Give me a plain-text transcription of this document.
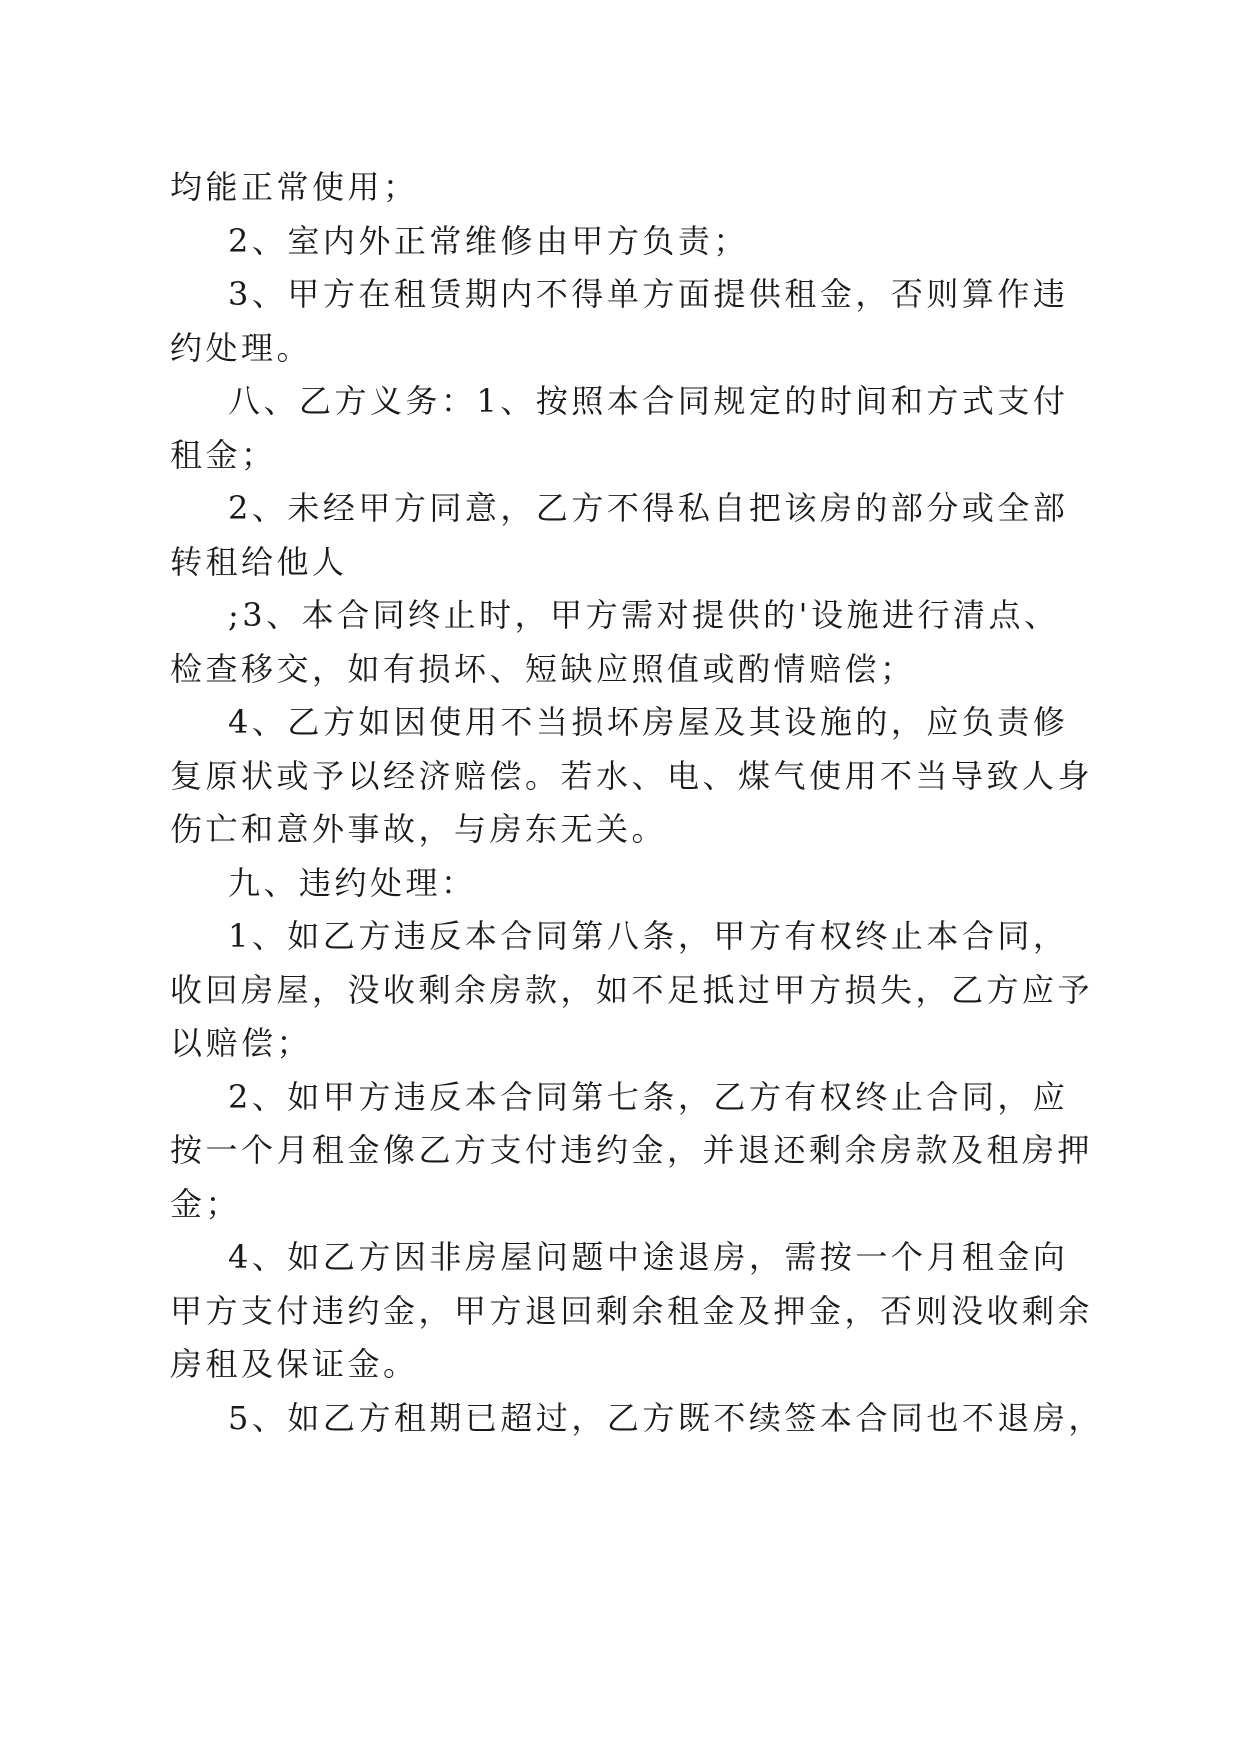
均能正常使用；
2、室内外正常维修由甲方负责；
3、甲方在租赁期内不得单方面提供租金，否则算作违
约处理。
八、乙方义务：1、按照本合同规定的时间和方式支付
租金；
2、未经甲方同意，乙方不得私自把该房的部分或全部
转租给他人
;3、本合同终止时，甲方需对提供的'设施进行清点、
检查移交，如有损坏、短缺应照值或酌情赔偿；
4、乙方如因使用不当损坏房屋及其设施的，应负责修
复原状或予以经济赔偿。若水、电、煤气使用不当导致人身
伤亡和意外事故，与房东无关。
九、违约处理：
1、如乙方违反本合同第八条，甲方有权终止本合同，
收回房屋，没收剩余房款，如不足抵过甲方损失，乙方应予
以赔偿；
2、如甲方违反本合同第七条，乙方有权终止合同，应
按一个月租金像乙方支付违约金，并退还剩余房款及租房押
金；
4、如乙方因非房屋问题中途退房，需按一个月租金向
甲方支付违约金，甲方退回剩余租金及押金，否则没收剩余
房租及保证金。
5、如乙方租期已超过，乙方既不续签本合同也不退房，
